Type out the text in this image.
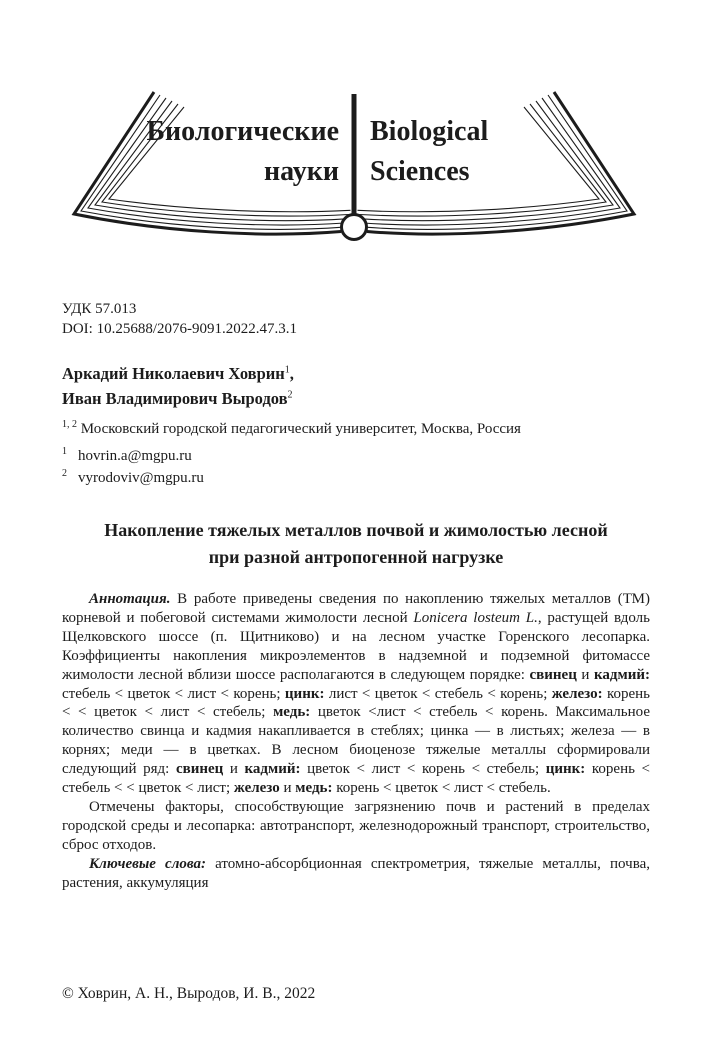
Биологические
науки
Biological
Sciences
УДК 57.013
DOI: 10.25688/2076-9091.2022.47.3.1
Аркадий Николаевич Ховрин$^1$,
Иван Владимирович Выродов$^2$
$^{1, 2}$ Московский городской педагогический университет, Москва, Россия
$^1$ hovrin.a@mgpu.ru
$^2$ vyrodoviv@mgpu.ru
Накопление тяжелых металлов почвой и жимолостью лесной
при разной антропогенной нагрузке

Аннотация. В работе приведены сведения по накоплению тяжелых металлов (ТМ) корневой и побеговой системами жимолости лесной Lonicera losteum L., растущей вдоль Щелковского шоссе (п. Щитниково) и на лесном участке Горенского лесопарка. Коэффициенты накопления микроэлементов в надземной и подземной фитомассе жимолости лесной вблизи шоссе располагаются в следующем порядке: свинец и кадмий: стебель < цветок < лист < корень; цинк: лист < цветок < стебель < корень; железо: корень < < цветок < лист < стебель; медь: цветок <лист < стебель < корень. Максимальное количество свинца и кадмия накапливается в стеблях; цинка — в листьях; железа — в корнях; меди — в цветках. В лесном биоценозе тяжелые металлы сформировали следующий ряд: свинец и кадмий: цветок < лист < корень < стебель; цинк: корень < стебель < < цветок < лист; железо и медь: корень < цветок < лист < стебель.

Отмечены факторы, способствующие загрязнению почв и растений в пределах городской среды и лесопарка: автотранспорт, железнодорожный транспорт, строительство, сброс отходов.

Ключевые слова: атомно-абсорбционная спектрометрия, тяжелые металлы, почва, растения, аккумуляция

© Ховрин, А. Н., Выродов, И. В., 2022
